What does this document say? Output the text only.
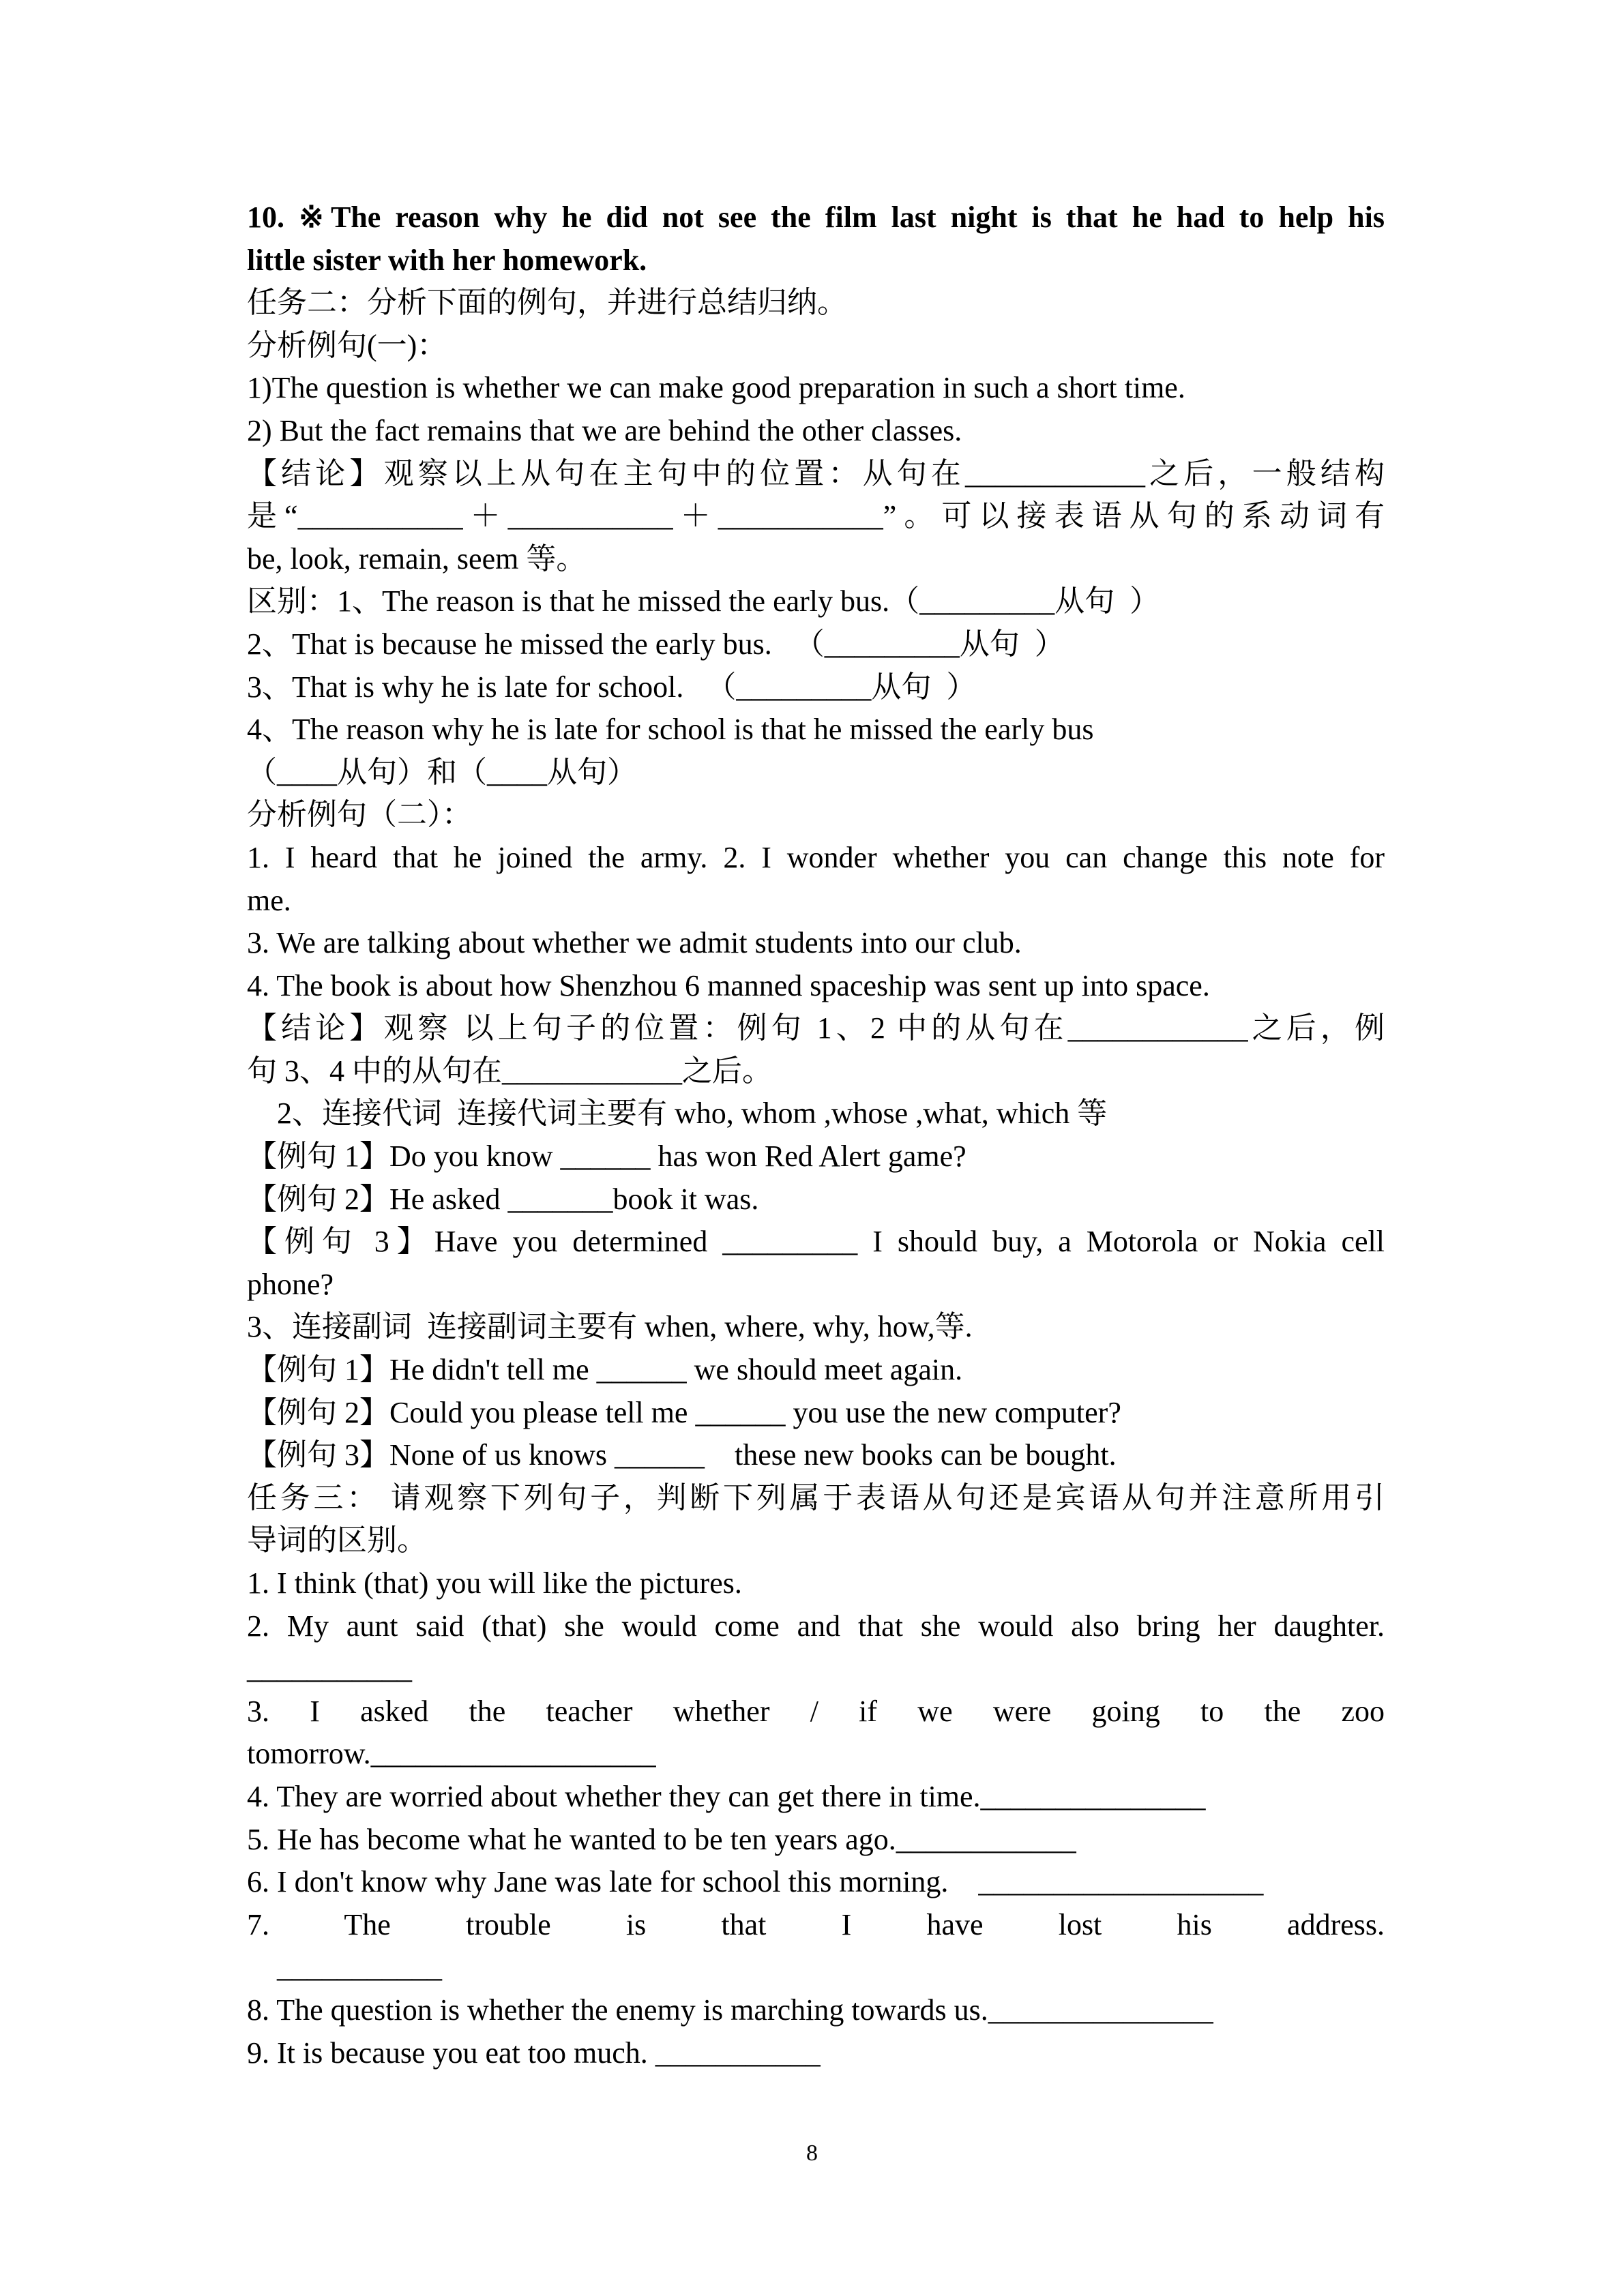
10. ※The reason why he did not see the film last night is that he had to help his
little sister with her homework.
任务二：分析下面的例句，并进行总结归纳。
分析例句(一)：
1)The question is whether we can make good preparation in such a short time.
2) But the fact remains that we are behind the other classes.
【结论】观察以上从句在主句中的位置：从句在____________之后，一般结构
是“___________＋___________＋___________”。可以接表语从句的系动词有
be, look, remain, seem 等。
区别：1、The reason is that he missed the early bus.（_________从句  ）
2、That is because he missed the early bus.   （_________从句  ）
3、That is why he is late for school.   （_________从句  ）
4、The reason why he is late for school is that he missed the early bus
（____从句）和（____从句）
分析例句（二）：
1. I heard that he joined the army. 2. I wonder whether you can change this note for
me.
3. We are talking about whether we admit students into our club.
4. The book is about how Shenzhou 6 manned spaceship was sent up into space.
【结论】观察 以上句子的位置：例句 1、2 中的从句在____________之后，例
句 3、4 中的从句在____________之后。
2、连接代词  连接代词主要有 who, whom ,whose ,what, which 等
【例句 1】Do you know ______ has won Red Alert game?
【例句 2】He asked _______book it was.
【例句 3】Have you determined _________ I should buy, a Motorola or Nokia cell
phone?
3、连接副词  连接副词主要有 when, where, why, how,等.
【例句 1】He didn't tell me ______ we should meet again.
【例句 2】Could you please tell me ______ you use the new computer?
【例句 3】None of us knows ______    these new books can be bought.
任务三： 请观察下列句子，判断下列属于表语从句还是宾语从句并注意所用引
导词的区别。
1. I think (that) you will like the pictures.
2. My aunt said (that) she would come and that she would also bring her daughter.
___________
3. I asked the teacher whether / if we were going to the zoo
tomorrow.___________________
4. They are worried about whether they can get there in time._______________
5. He has become what he wanted to be ten years ago.____________
6. I don't know why Jane was late for school this morning.    ___________________
7. The trouble is that I have lost his address.
___________
8. The question is whether the enemy is marching towards us._______________
9. It is because you eat too much. ___________
8
